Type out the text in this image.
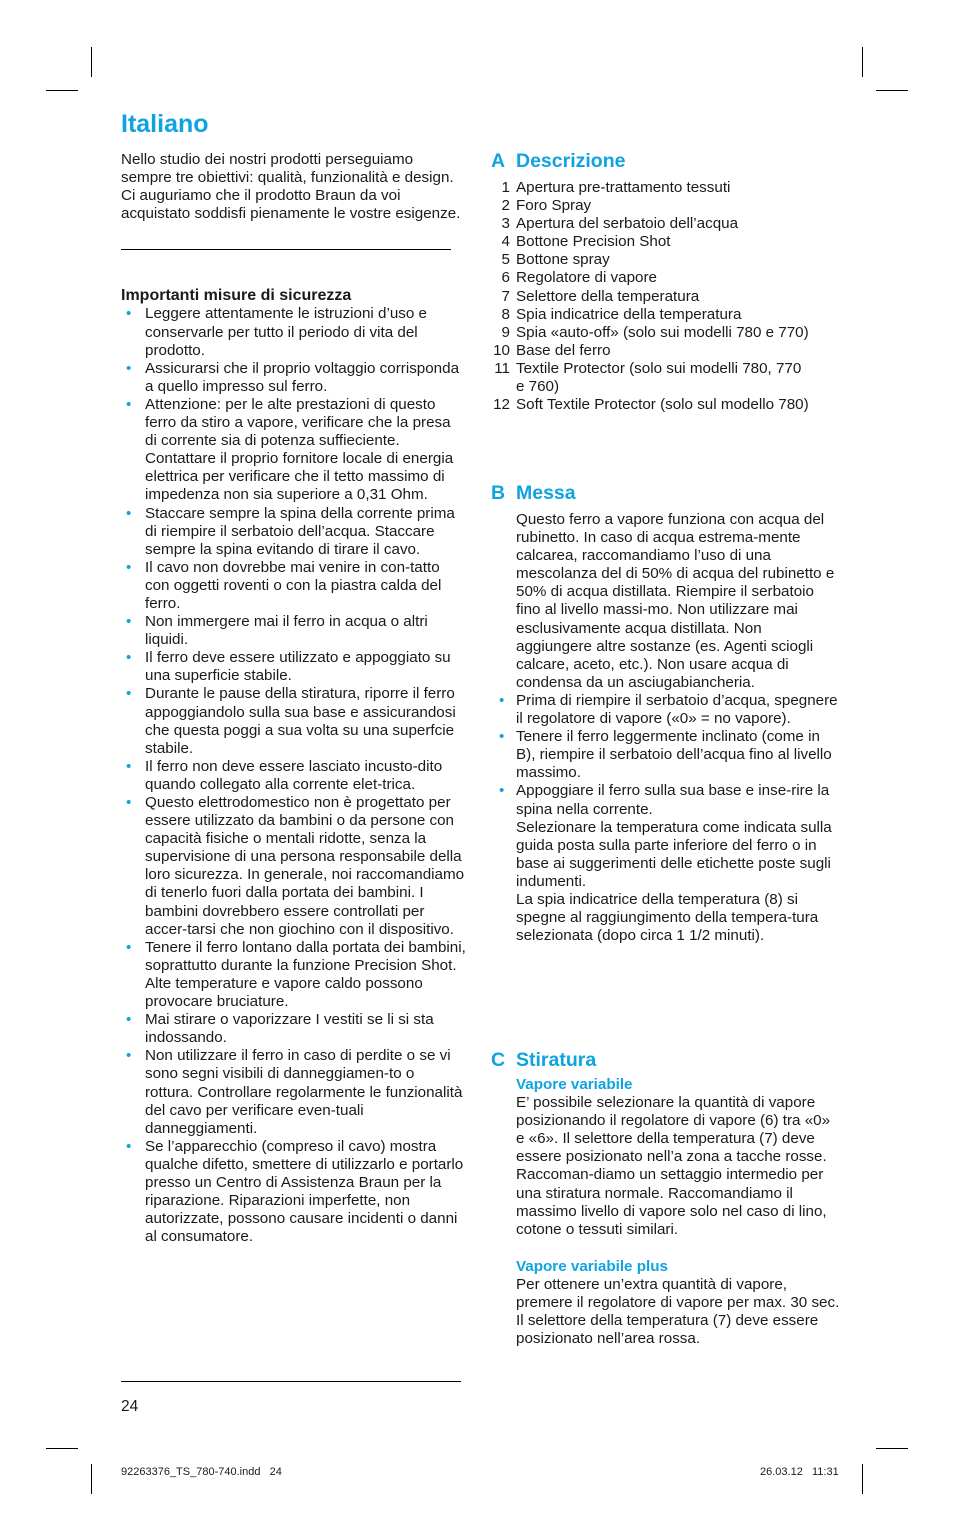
Italiano

Nello studio dei nostri prodotti perseguiamo sempre tre obiettivi: qualità, funzionalità e design. Ci auguriamo che il prodotto Braun da voi acquistato soddisfi pienamente le vostre esigenze.

Importanti misure di sicurezza

• Leggere attentamente le istruzioni d’uso e conservarle per tutto il periodo di vita del prodotto.
• Assicurarsi che il proprio voltaggio corrisponda a quello impresso sul ferro.
• Attenzione: per le alte prestazioni di questo ferro da stiro a vapore, verificare che la presa di corrente sia di potenza suffieciente. Contattare il proprio fornitore locale di energia elettrica per verificare che il tetto massimo di impedenza non sia superiore a 0,31 Ohm.
• Staccare sempre la spina della corrente prima di riempire il serbatoio dell’acqua. Staccare sempre la spina evitando di tirare il cavo.
• Il cavo non dovrebbe mai venire in con-tatto con oggetti roventi o con la piastra calda del ferro.
• Non immergere mai il ferro in acqua o altri liquidi.
• Il ferro deve essere utilizzato e appoggiato su una superficie stabile.
• Durante le pause della stiratura, riporre il ferro appoggiandolo sulla sua base e assicurandosi che questa poggi a sua volta su una superfcie stabile.
• Il ferro non deve essere lasciato incusto-dito quando collegato alla corrente elet-trica.
• Questo elettrodomestico non è progettato per essere utilizzato da bambini o da persone con capacità fisiche o mentali ridotte, senza la supervisione di una persona responsabile della loro sicurezza. In generale, noi raccomandiamo di tenerlo fuori dalla portata dei bambini. I bambini dovrebbero essere controllati per accer-tarsi che non giochino con il dispositivo.
• Tenere il ferro lontano dalla portata dei bambini, soprattutto durante la funzione Precision Shot. Alte temperature e vapore caldo possono provocare bruciature.
• Mai stirare o vaporizzare I vestiti se li si sta indossando.
• Non utilizzare il ferro in caso di perdite o se vi sono segni visibili di danneggiamen-to o rottura. Controllare regolarmente le funzionalità del cavo per verificare even-tuali danneggiamenti.
• Se l’apparecchio (compreso il cavo) mostra qualche difetto, smettere di utilizzarlo e portarlo presso un Centro di Assistenza Braun per la riparazione. Riparazioni imperfette, non autorizzate, possono causare incidenti o danni al consumatore.

A Descrizione

1 Apertura pre-trattamento tessuti
2 Foro Spray
3 Apertura del serbatoio dell’acqua
4 Bottone Precision Shot
5 Bottone spray
6 Regolatore di vapore
7 Selettore della temperatura
8 Spia indicatrice della temperatura
9 Spia «auto-off» (solo sui modelli 780 e 770)
10 Base del ferro
11 Textile Protector (solo sui modelli 780, 770 e 760)
12 Soft Textile Protector (solo sul modello 780)

B Messa

Questo ferro a vapore funziona con acqua del rubinetto. In caso di acqua estrema-mente calcarea, raccomandiamo l’uso di una mescolanza del di 50% di acqua del rubinetto e 50% di acqua distillata. Riempire il serbatoio fino al livello massi-mo. Non utilizzare mai esclusivamente acqua distillata. Non aggiungere altre sostanze (es. Agenti sciogli calcare, aceto, etc.). Non usare acqua di condensa da un asciugabiancheria.

• Prima di riempire il serbatoio d’acqua, spegnere il regolatore di vapore («0» = no vapore).
• Tenere il ferro leggermente inclinato (come in B), riempire il serbatoio dell’acqua fino al livello massimo.
• Appoggiare il ferro sulla sua base e inse-rire la spina nella corrente.

Selezionare la temperatura come indicata sulla guida posta sulla parte inferiore del ferro o in base ai suggerimenti delle etichette poste sugli indumenti.

La spia indicatrice della temperatura (8) si spegne al raggiungimento della tempera-tura selezionata (dopo circa 1 1/2 minuti).

C Stiratura

Vapore variabile

E’ possibile selezionare la quantità di vapore posizionando il regolatore di vapore (6) tra «0» e «6». Il selettore della temperatura (7) deve essere posizionato nell’a zona a tacche rosse. Raccoman-diamo un settaggio intermedio per una stiratura normale. Raccomandiamo il massimo livello di vapore solo nel caso di lino, cotone o tessuti similari.

Vapore variabile plus

Per ottenere un’extra quantità di vapore, premere il regolatore di vapore per max. 30 sec.

Il selettore della temperatura (7) deve essere posizionato nell’area rossa.

24
92263376_TS_780-740.indd   24	26.03.12   11:31
